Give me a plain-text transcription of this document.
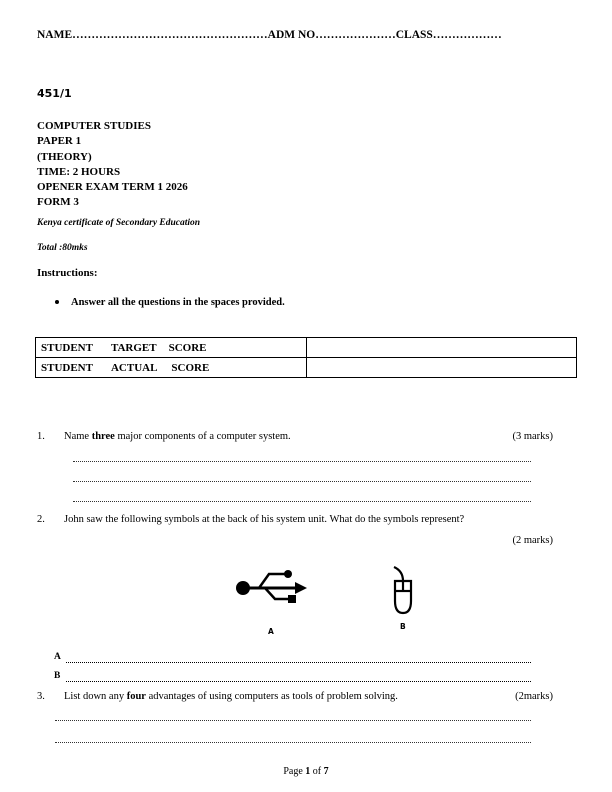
NAME……………………………………………ADM NO…………………CLASS………………
451/1
COMPUTER STUDIES
PAPER 1
(THEORY)
TIME: 2 HOURS
OPENER EXAM TERM 1 2026
FORM 3
Kenya certificate of Secondary Education
Total :80mks
Instructions:
Answer all the questions in the spaces provided.
STUDENT TARGET SCORE	
STUDENT ACTUAL SCORE	
1. Name three major components of a computer system.	(3 marks)
2. John saw the following symbols at the back of his system unit. What do the symbols represent?
(2 marks)
A
B
A
B
3. List down any four advantages of using computers as tools of problem solving.	(2marks)
Page 1 of 7
